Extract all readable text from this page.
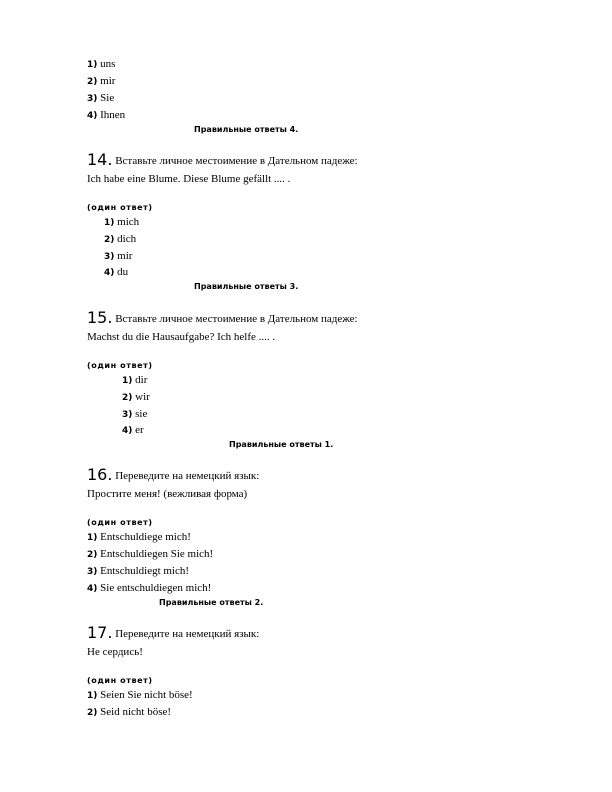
1) uns
2) mir
3) Sie
4) Ihnen
Правильные ответы 4.
14. Вставьте личное местоимение в Дательном падеже:
Ich habe eine Blume. Diese Blume gefällt .... .
(один ответ)
1) mich
2) dich
3) mir
4) du
Правильные ответы 3.
15. Вставьте личное местоимение в Дательном падеже:
Machst du die Hausaufgabe? Ich helfe .... .
(один ответ)
1) dir
2) wir
3) sie
4) er
Правильные ответы 1.
16. Переведите на немецкий язык:
Простите меня! (вежливая форма)
(один ответ)
1) Entschuldiege mich!
2) Entschuldiegen Sie mich!
3) Entschuldiegt mich!
4) Sie entschuldiegen mich!
Правильные ответы 2.
17. Переведите на немецкий язык:
Не сердись!
(один ответ)
1) Seien Sie nicht böse!
2) Seid nicht böse!
